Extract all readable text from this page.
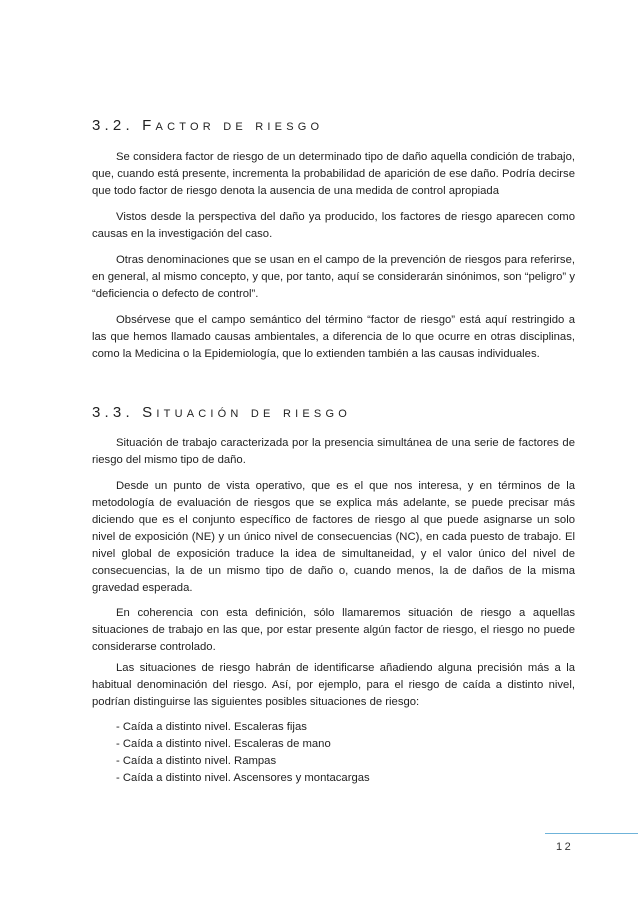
3.2. Factor de riesgo

Se considera factor de riesgo de un determinado tipo de daño aquella condición de trabajo, que, cuando está presente, incrementa la probabilidad de aparición de ese daño. Podría decirse que todo factor de riesgo denota la ausencia de una medida de control apropiada

Vistos desde la perspectiva del daño ya producido, los factores de riesgo aparecen como causas en la investigación del caso.

Otras denominaciones que se usan en el campo de la prevención de riesgos para referirse, en general, al mismo concepto, y que, por tanto, aquí se considerarán sinónimos, son “peligro” y “deficiencia o defecto de control”.

Obsérvese que el campo semántico del término “factor de riesgo” está aquí restringido a las que hemos llamado causas ambientales, a diferencia de lo que ocurre en otras disciplinas, como la Medicina o la Epidemiología, que lo extienden también a las causas individuales.

3.3. Situación de riesgo

Situación de trabajo caracterizada por la presencia simultánea de una serie de factores de riesgo del mismo tipo de daño.

Desde un punto de vista operativo, que es el que nos interesa, y en términos de la metodología de evaluación de riesgos que se explica más adelante, se puede precisar más diciendo que es el conjunto específico de factores de riesgo al que puede asignarse un solo nivel de exposición (NE) y un único nivel de consecuencias (NC), en cada puesto de trabajo. El nivel global de exposición traduce la idea de simultaneidad, y el valor único del nivel de consecuencias, la de un mismo tipo de daño o, cuando menos, la de daños de la misma gravedad esperada.

En coherencia con esta definición, sólo llamaremos situación de riesgo a aquellas situaciones de trabajo en las que, por estar presente algún factor de riesgo, el riesgo no puede considerarse controlado.

Las situaciones de riesgo habrán de identificarse añadiendo alguna precisión más a la habitual denominación del riesgo. Así, por ejemplo, para el riesgo de caída a distinto nivel, podrían distinguirse las siguientes posibles situaciones de riesgo:

- Caída a distinto nivel. Escaleras fijas
- Caída a distinto nivel. Escaleras de mano
- Caída a distinto nivel. Rampas
- Caída a distinto nivel. Ascensores y montacargas
12
